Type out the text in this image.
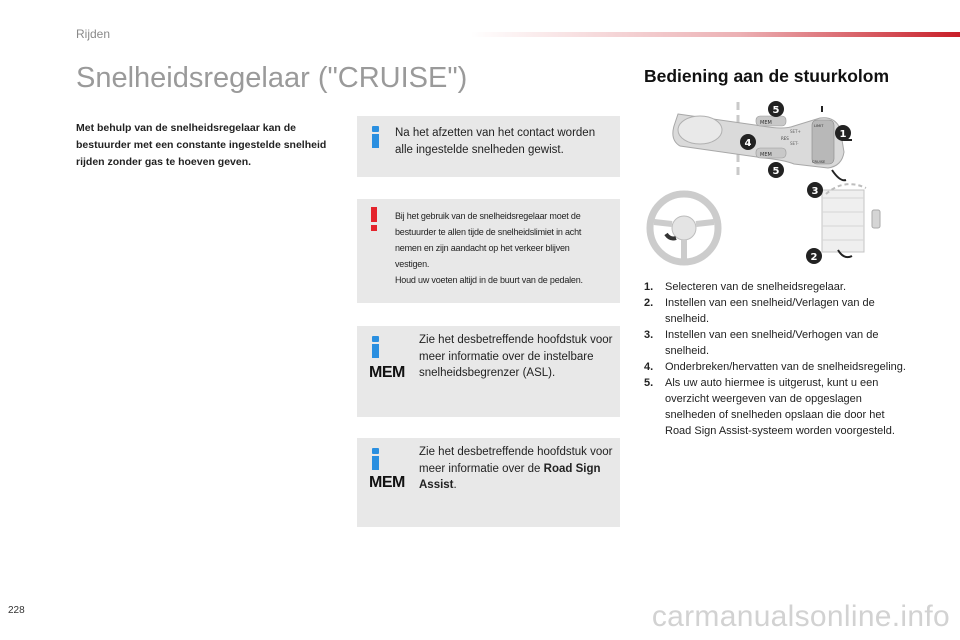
Rijden
Snelheidsregelaar ("CRUISE")

Met behulp van de snelheidsregelaar kan de bestuurder met een constante ingestelde snelheid rijden zonder gas te hoeven geven.

Na het afzetten van het contact worden alle ingestelde snelheden gewist.

Bij het gebruik van de snelheidsregelaar moet de
bestuurder te allen tijde de snelheidslimiet in acht
nemen en zijn aandacht op het verkeer blijven
vestigen.
Houd uw voeten altijd in de buurt van de pedalen.

MEM

Zie het desbetreffende hoofdstuk voor meer informatie over de instelbare snelheidsbegrenzer (ASL).

MEM

Zie het desbetreffende hoofdstuk voor meer informatie over de Road Sign Assist.

Bediening aan de stuurkolom
MEM
SET+
SET-
LIMIT
CRUISE
RES
MEM
1
5
4
5
3
2
1. Selecteren van de snelheidsregelaar.
2. Instellen van een snelheid/Verlagen van de snelheid.
3. Instellen van een snelheid/Verhogen van de snelheid.
4. Onderbreken/hervatten van de snelheidsregeling.
5. Als uw auto hiermee is uitgerust, kunt u een overzicht weergeven van de opgeslagen snelheden of snelheden opslaan die door het Road Sign Assist-systeem worden voorgesteld.
228	carmanualsonline.info
